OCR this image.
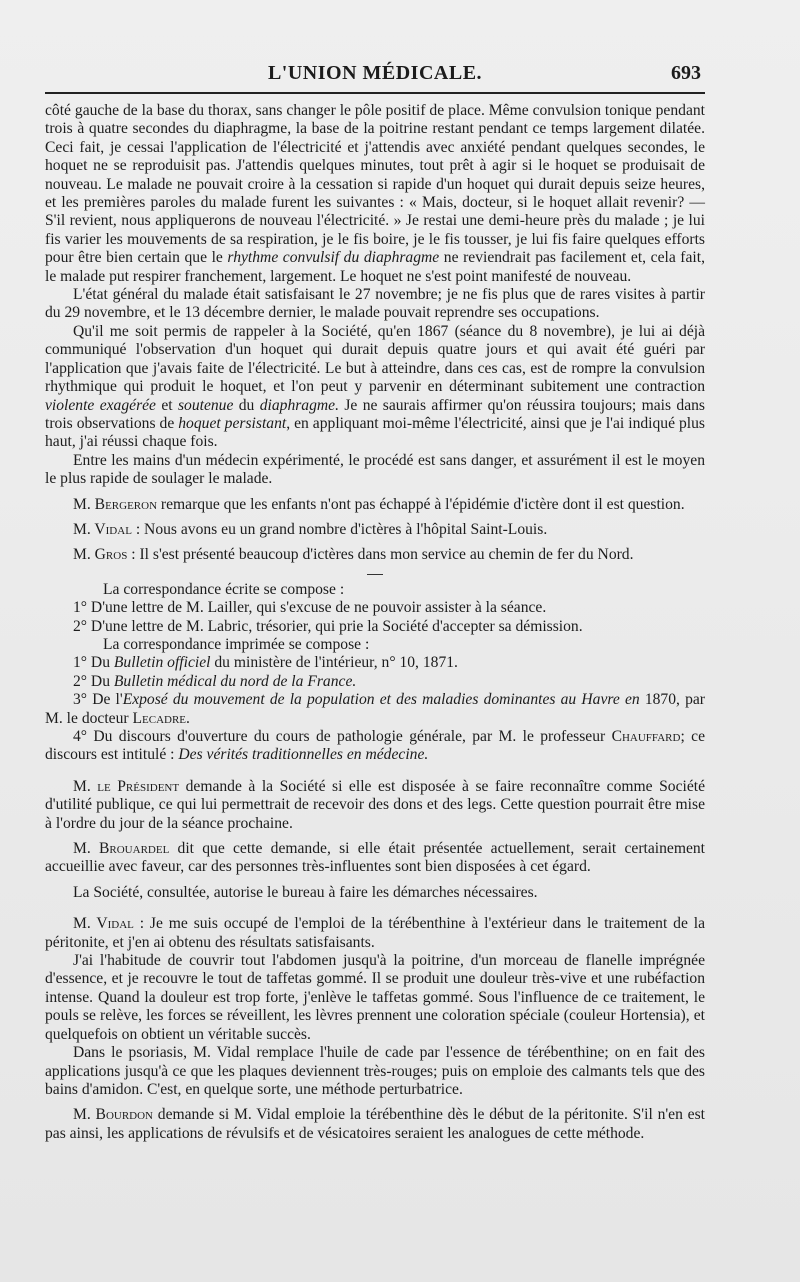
L'UNION MÉDICALE.	693

côté gauche de la base du thorax, sans changer le pôle positif de place. Même convulsion tonique pendant trois à quatre secondes du diaphragme, la base de la poitrine restant pendant ce temps largement dilatée. Ceci fait, je cessai l'application de l'électricité et j'attendis avec anxiété pendant quelques secondes, le hoquet ne se reproduisit pas. J'attendis quelques minutes, tout prêt à agir si le hoquet se produisait de nouveau. Le malade ne pouvait croire à la cessation si rapide d'un hoquet qui durait depuis seize heures, et les premières paroles du malade furent les suivantes : « Mais, docteur, si le hoquet allait revenir? — S'il revient, nous appliquerons de nouveau l'électricité. » Je restai une demi-heure près du malade ; je lui fis varier les mouvements de sa respiration, je le fis boire, je le fis tousser, je lui fis faire quelques efforts pour être bien certain que le rhythme convulsif du diaphragme ne reviendrait pas facilement et, cela fait, le malade put respirer franchement, largement. Le hoquet ne s'est point manifesté de nouveau.

L'état général du malade était satisfaisant le 27 novembre; je ne fis plus que de rares visites à partir du 29 novembre, et le 13 décembre dernier, le malade pouvait reprendre ses occupations.

Qu'il me soit permis de rappeler à la Société, qu'en 1867 (séance du 8 novembre), je lui ai déjà communiqué l'observation d'un hoquet qui durait depuis quatre jours et qui avait été guéri par l'application que j'avais faite de l'électricité. Le but à atteindre, dans ces cas, est de rompre la convulsion rhythmique qui produit le hoquet, et l'on peut y parvenir en déterminant subitement une contraction violente exagérée et soutenue du diaphragme. Je ne saurais affirmer qu'on réussira toujours; mais dans trois observations de hoquet persistant, en appliquant moi-même l'électricité, ainsi que je l'ai indiqué plus haut, j'ai réussi chaque fois.

Entre les mains d'un médecin expérimenté, le procédé est sans danger, et assurément il est le moyen le plus rapide de soulager le malade.

M. Bergeron remarque que les enfants n'ont pas échappé à l'épidémie d'ictère dont il est question.

M. Vidal : Nous avons eu un grand nombre d'ictères à l'hôpital Saint-Louis.

M. Gros : Il s'est présenté beaucoup d'ictères dans mon service au chemin de fer du Nord.

La correspondance écrite se compose :

1° D'une lettre de M. Lailler, qui s'excuse de ne pouvoir assister à la séance.

2° D'une lettre de M. Labric, trésorier, qui prie la Société d'accepter sa démission.

La correspondance imprimée se compose :

1° Du Bulletin officiel du ministère de l'intérieur, n° 10, 1871.

2° Du Bulletin médical du nord de la France.

3° De l'Exposé du mouvement de la population et des maladies dominantes au Havre en 1870, par M. le docteur Lecadre.

4° Du discours d'ouverture du cours de pathologie générale, par M. le professeur Chauffard; ce discours est intitulé : Des vérités traditionnelles en médecine.

M. le Président demande à la Société si elle est disposée à se faire reconnaître comme Société d'utilité publique, ce qui lui permettrait de recevoir des dons et des legs. Cette question pourrait être mise à l'ordre du jour de la séance prochaine.

M. Brouardel dit que cette demande, si elle était présentée actuellement, serait certainement accueillie avec faveur, car des personnes très-influentes sont bien disposées à cet égard.

La Société, consultée, autorise le bureau à faire les démarches nécessaires.

M. Vidal : Je me suis occupé de l'emploi de la térébenthine à l'extérieur dans le traitement de la péritonite, et j'en ai obtenu des résultats satisfaisants.

J'ai l'habitude de couvrir tout l'abdomen jusqu'à la poitrine, d'un morceau de flanelle imprégnée d'essence, et je recouvre le tout de taffetas gommé. Il se produit une douleur très-vive et une rubéfaction intense. Quand la douleur est trop forte, j'enlève le taffetas gommé. Sous l'influence de ce traitement, le pouls se relève, les forces se réveillent, les lèvres prennent une coloration spéciale (couleur Hortensia), et quelquefois on obtient un véritable succès.

Dans le psoriasis, M. Vidal remplace l'huile de cade par l'essence de térébenthine; on en fait des applications jusqu'à ce que les plaques deviennent très-rouges; puis on emploie des calmants tels que des bains d'amidon. C'est, en quelque sorte, une méthode perturbatrice.

M. Bourdon demande si M. Vidal emploie la térébenthine dès le début de la péritonite. S'il n'en est pas ainsi, les applications de révulsifs et de vésicatoires seraient les analogues de cette méthode.
